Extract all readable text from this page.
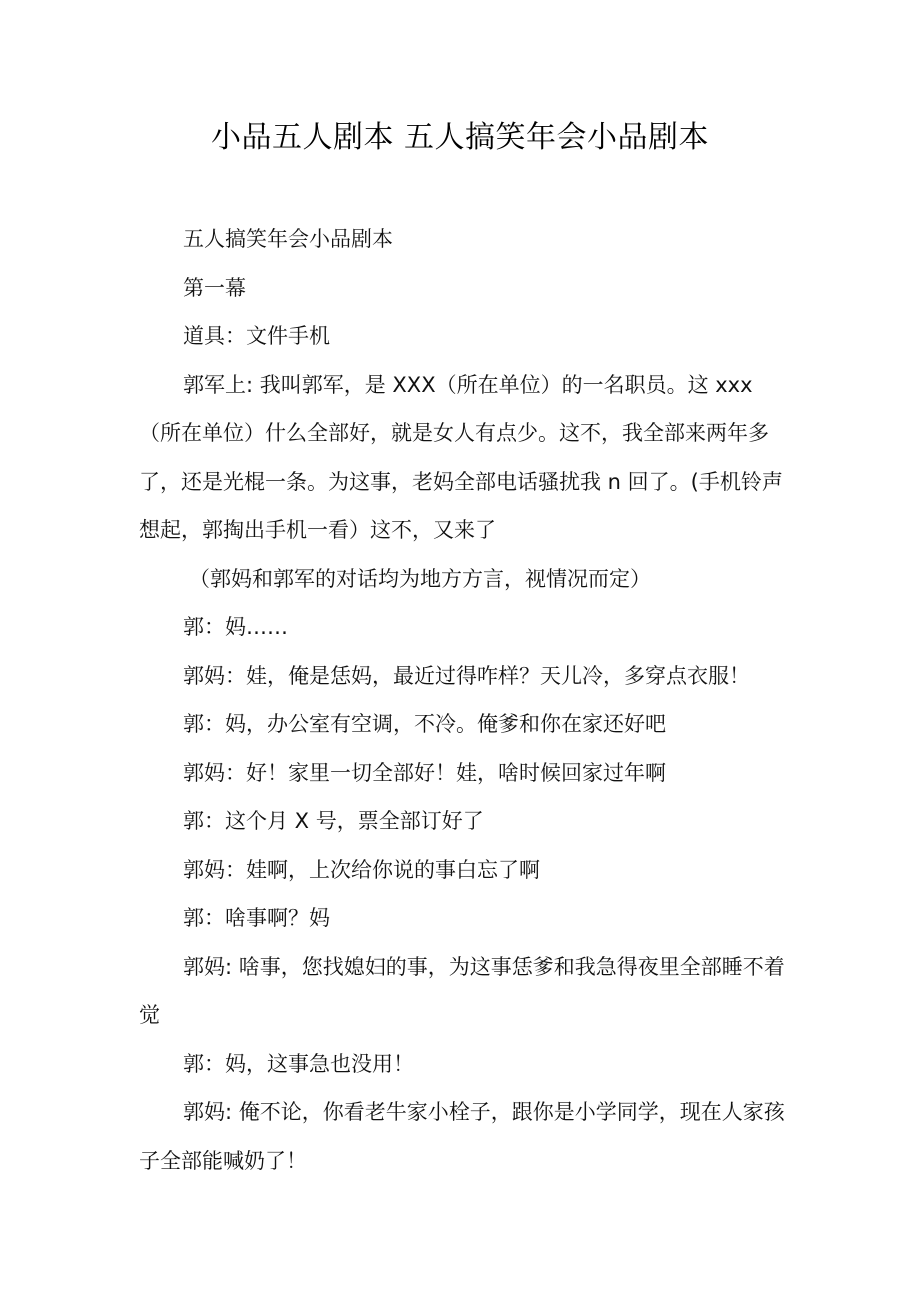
小品五人剧本 五人搞笑年会小品剧本

五人搞笑年会小品剧本

第一幕

道具：文件手机

郭军上: 我叫郭军，是 XXX（所在单位）的一名职员。这 xxx（所在单位）什么全部好，就是女人有点少。这不，我全部来两年多了，还是光棍一条。为这事，老妈全部电话骚扰我 n 回了。(手机铃声想起，郭掏出手机一看）这不，又来了

（郭妈和郭军的对话均为地方方言，视情况而定）

郭：妈……

郭妈：娃，俺是恁妈，最近过得咋样？天儿冷，多穿点衣服！

郭：妈，办公室有空调，不冷。俺爹和你在家还好吧

郭妈：好！家里一切全部好！娃，啥时候回家过年啊

郭：这个月 X 号，票全部订好了

郭妈：娃啊，上次给你说的事白忘了啊

郭：啥事啊？妈

郭妈: 啥事，您找媳妇的事，为这事恁爹和我急得夜里全部睡不着觉

郭：妈，这事急也没用！

郭妈: 俺不论，你看老牛家小栓子，跟你是小学同学，现在人家孩子全部能喊奶了！
